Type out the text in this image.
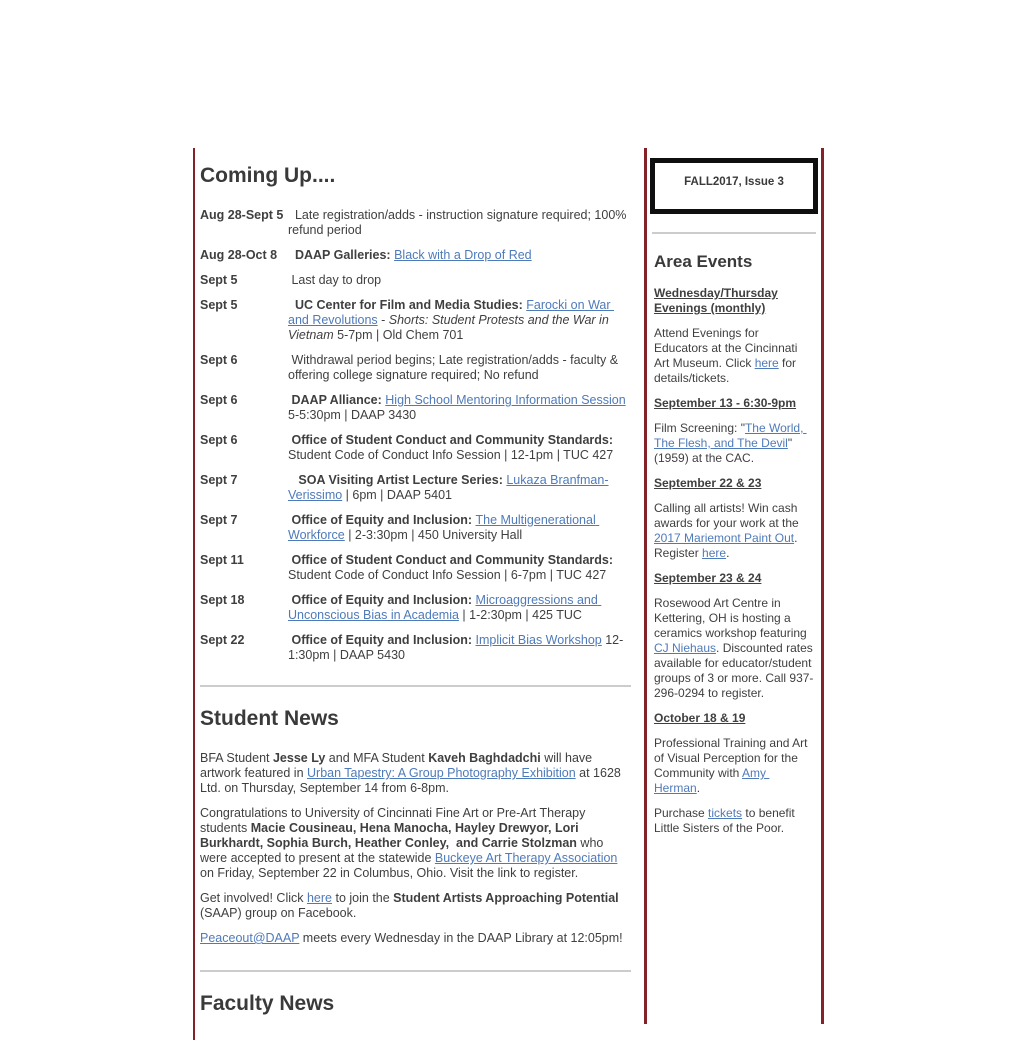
Coming Up....
Aug 28-Sept 5 Late registration/adds - instruction signature required; 100% refund period
Aug 28-Oct 8	DAAP Galleries: Black with a Drop of Red
Sept 5	Last day to drop
Sept 5	UC Center for Film and Media Studies: Farocki on War and Revolutions - Shorts: Student Protests and the War in Vietnam 5-7pm | Old Chem 701
Sept 6	Withdrawal period begins; Late registration/adds - faculty & offering college signature required; No refund
Sept 6	DAAP Alliance: High School Mentoring Information Session 5-5:30pm | DAAP 3430
Sept 6	Office of Student Conduct and Community Standards: Student Code of Conduct Info Session | 12-1pm | TUC 427
Sept 7	SOA Visiting Artist Lecture Series: Lukaza Branfman-Verissimo | 6pm | DAAP 5401
Sept 7	Office of Equity and Inclusion: The Multigenerational Workforce | 2-3:30pm | 450 University Hall
Sept 11	Office of Student Conduct and Community Standards: Student Code of Conduct Info Session | 6-7pm | TUC 427
Sept 18	Office of Equity and Inclusion: Microaggressions and Unconscious Bias in Academia | 1-2:30pm | 425 TUC
Sept 22	Office of Equity and Inclusion: Implicit Bias Workshop 12-1:30pm | DAAP 5430
Student News
BFA Student Jesse Ly and MFA Student Kaveh Baghdadchi will have artwork featured in Urban Tapestry: A Group Photography Exhibition at 1628 Ltd. on Thursday, September 14 from 6-8pm.
Congratulations to University of Cincinnati Fine Art or Pre-Art Therapy students Macie Cousineau, Hena Manocha, Hayley Drewyor, Lori Burkhardt, Sophia Burch, Heather Conley,  and Carrie Stolzman who were accepted to present at the statewide Buckeye Art Therapy Association on Friday, September 22 in Columbus, Ohio. Visit the link to register.
Get involved! Click here to join the Student Artists Approaching Potential (SAAP) group on Facebook.
Peaceout@DAAP meets every Wednesday in the DAAP Library at 12:05pm!
Faculty News
FALL2017, Issue 3
Area Events
Wednesday/Thursday Evenings (monthly)
Attend Evenings for Educators at the Cincinnati Art Museum. Click here for details/tickets.
September 13 - 6:30-9pm
Film Screening: "The World, The Flesh, and The Devil" (1959) at the CAC.
September 22 & 23
Calling all artists! Win cash awards for your work at the 2017 Mariemont Paint Out. Register here.
September 23 & 24
Rosewood Art Centre in Kettering, OH is hosting a ceramics workshop featuring CJ Niehaus. Discounted rates available for educator/student groups of 3 or more. Call 937-296-0294 to register.
October 18 & 19
Professional Training and Art of Visual Perception for the Community with Amy Herman.
Purchase tickets to benefit Little Sisters of the Poor.
